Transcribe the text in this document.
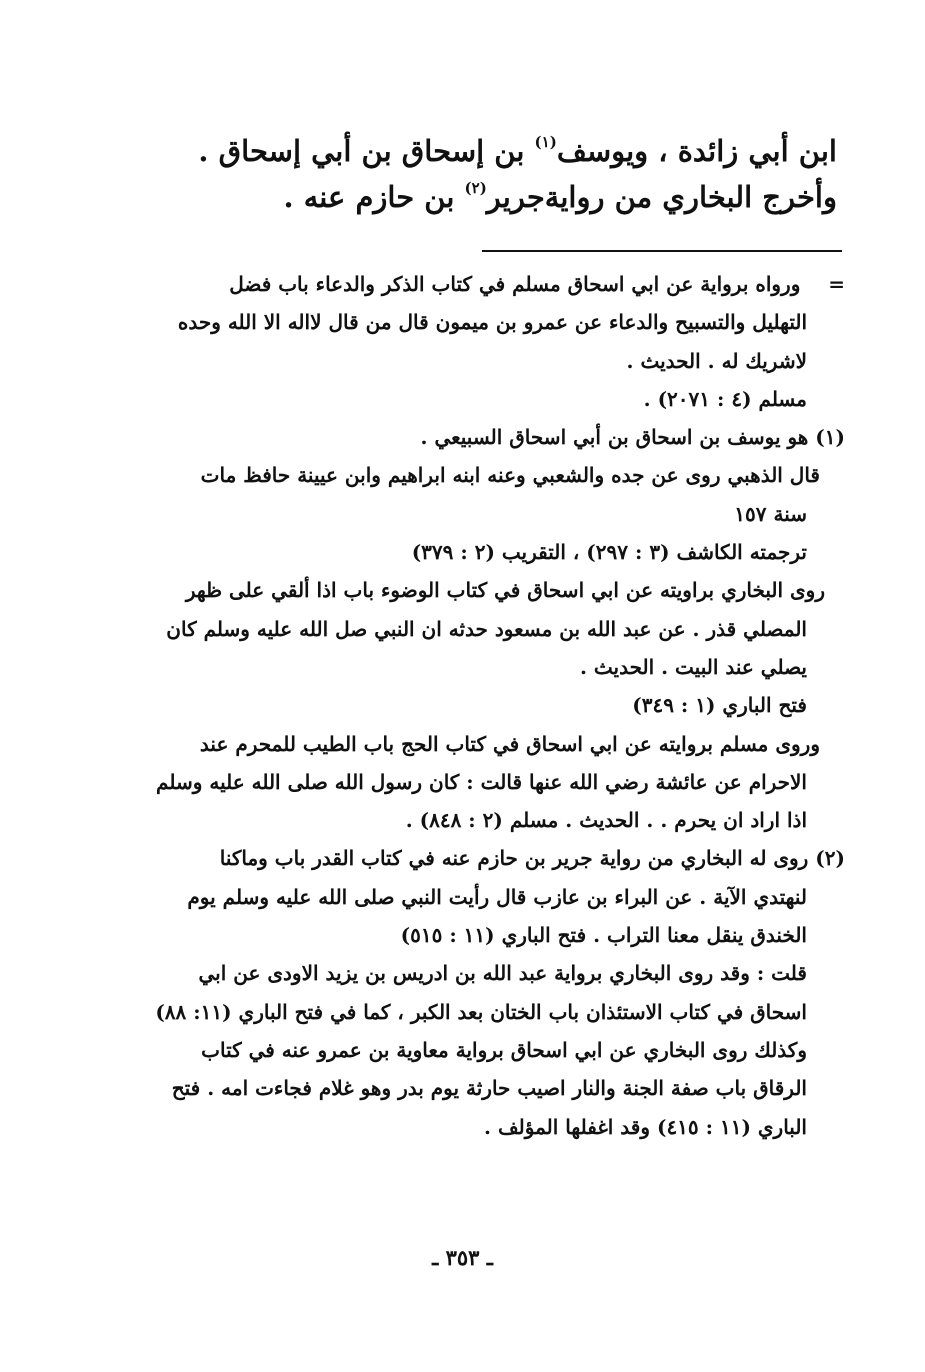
ابن أبي زائدة ، ويوسف$^{(١)}$ بن إسحاق بن أبي إسحاق .
وأخرج البخاري من روايةجرير$^{(٢)}$ بن حازم عنه .
=    ورواه برواية عن ابي اسحاق مسلم في كتاب الذكر والدعاء باب فضل
التهليل والتسبيح والدعاء عن عمرو بن ميمون قال من قال لااله الا الله وحده
لاشريك له . الحديث .
مسلم (٤ : ٢٠٧١) .
(١) هو يوسف بن اسحاق بن أبي اسحاق السبيعي .
قال الذهبي روى عن جده والشعبي وعنه ابنه ابراهيم وابن عيينة حافظ مات
سنة ١٥٧
ترجمته الكاشف (٣ : ٢٩٧) ، التقريب (٢ : ٣٧٩)
روى البخاري براويته عن ابي اسحاق في كتاب الوضوء باب اذا ألقي على ظهر
المصلي قذر . عن عبد الله بن مسعود حدثه ان النبي صل الله عليه وسلم كان
يصلي عند البيت . الحديث .
فتح الباري (١ : ٣٤٩)
وروى مسلم بروايته عن ابي اسحاق في كتاب الحج باب الطيب للمحرم عند
الاحرام عن عائشة رضي الله عنها قالت : كان رسول الله صلى الله عليه وسلم
اذا اراد ان يحرم . . الحديث . مسلم (٢ : ٨٤٨) .
(٢) روى له البخاري من رواية جرير بن حازم عنه في كتاب القدر باب وماكنا
لنهتدي الآية . عن البراء بن عازب قال رأيت النبي صلى الله عليه وسلم يوم
الخندق ينقل معنا التراب . فتح الباري (١١ : ٥١٥)
قلت : وقد روى البخاري برواية عبد الله بن ادريس بن يزيد الاودى عن ابي
اسحاق في كتاب الاستئذان باب الختان بعد الكبر ، كما في فتح الباري (١١: ٨٨)
وكذلك روى البخاري عن ابي اسحاق برواية معاوية بن عمرو عنه في كتاب
الرقاق باب صفة الجنة والنار اصيب حارثة يوم بدر وهو غلام فجاءت امه . فتح
الباري (١١ : ٤١٥) وقد اغفلها المؤلف .
ـ ٣٥٣ ـ
